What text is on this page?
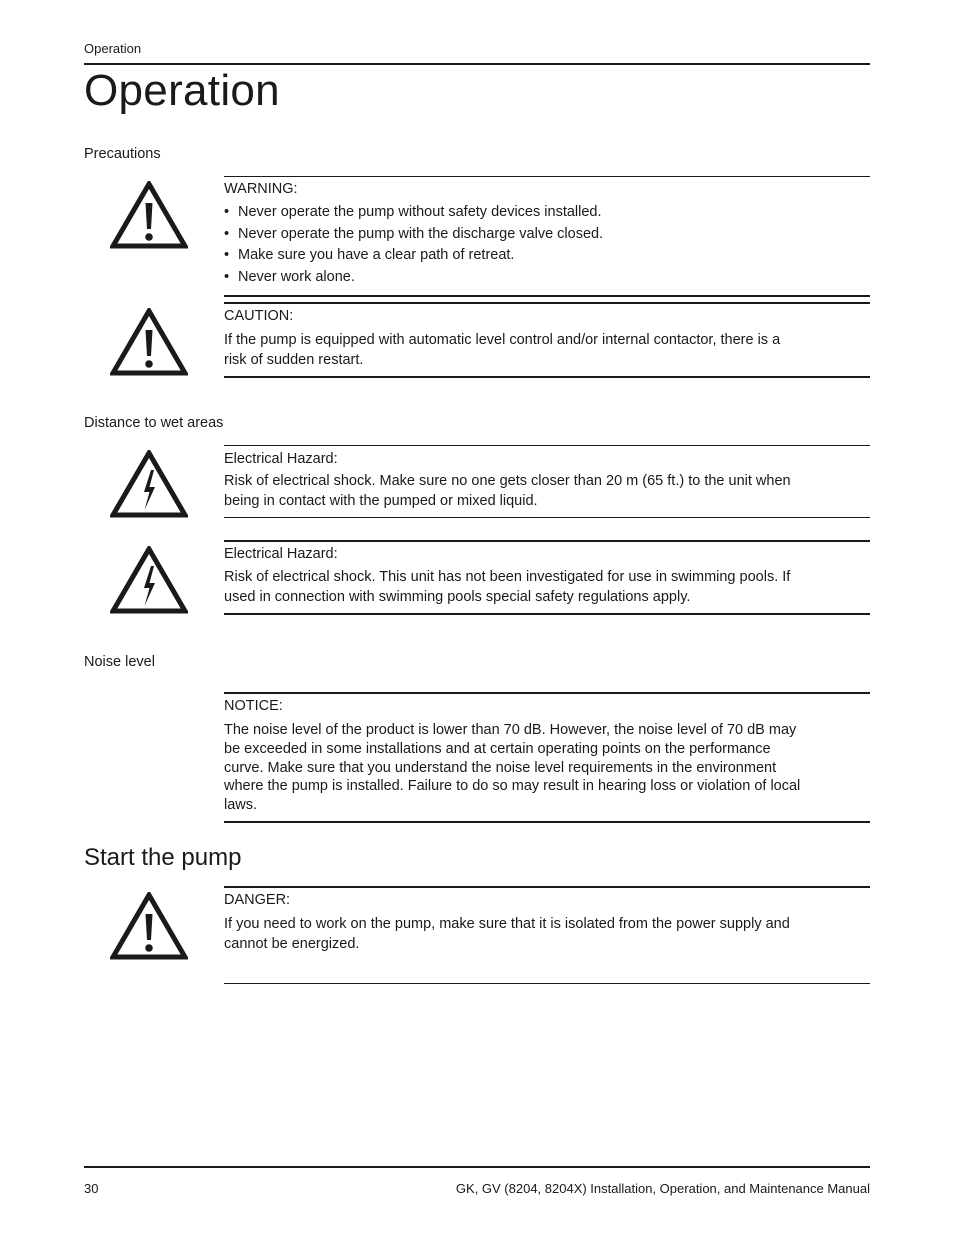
Operation
Operation
Precautions
WARNING:
• Never operate the pump without safety devices installed.
• Never operate the pump with the discharge valve closed.
• Make sure you have a clear path of retreat.
• Never work alone.
CAUTION:
If the pump is equipped with automatic level control and/or internal contactor, there is a
risk of sudden restart.
Distance to wet areas
Electrical Hazard:
Risk of electrical shock. Make sure no one gets closer than 20 m (65 ft.) to the unit when
being in contact with the pumped or mixed liquid.
Electrical Hazard:
Risk of electrical shock. This unit has not been investigated for use in swimming pools. If
used in connection with swimming pools special safety regulations apply.
Noise level
NOTICE:
The noise level of the product is lower than 70 dB. However, the noise level of 70 dB may
be exceeded in some installations and at certain operating points on the performance
curve. Make sure that you understand the noise level requirements in the environment
where the pump is installed. Failure to do so may result in hearing loss or violation of local
laws.
Start the pump
DANGER:
If you need to work on the pump, make sure that it is isolated from the power supply and
cannot be energized.
30	GK, GV (8204, 8204X) Installation, Operation, and Maintenance Manual
